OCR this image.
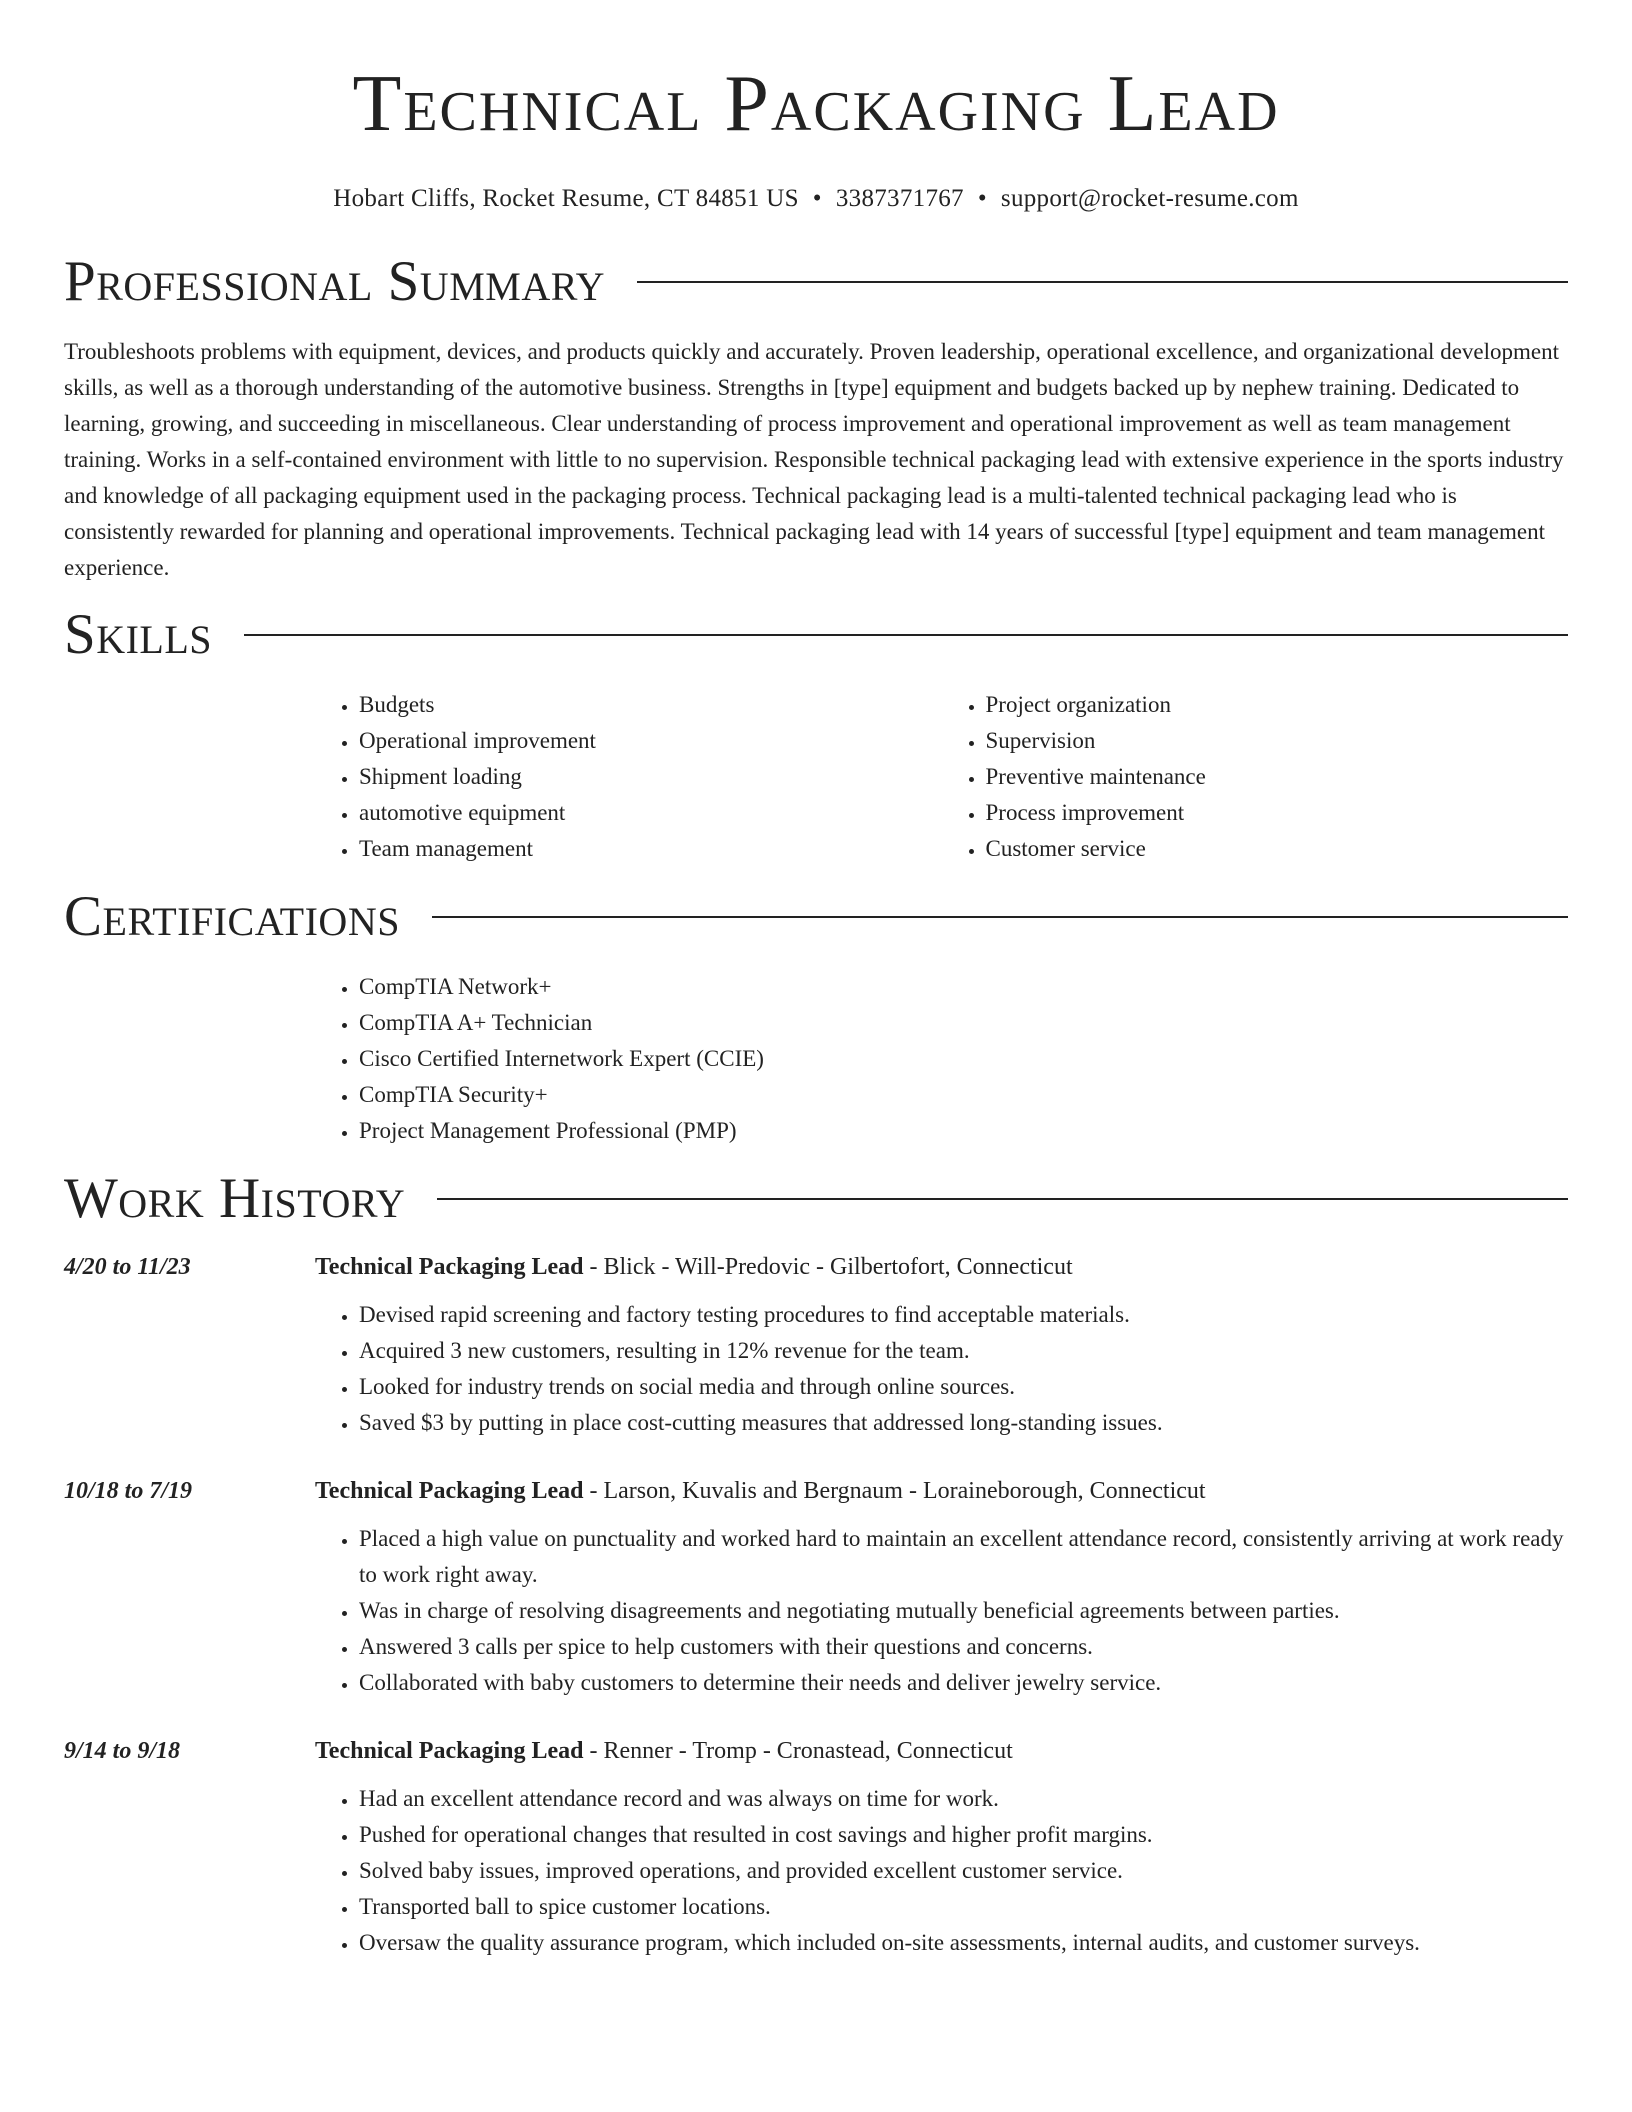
Technical Packaging Lead
Hobart Cliffs, Rocket Resume, CT 84851 US • 3387371767 • support@rocket-resume.com
Professional Summary

Troubleshoots problems with equipment, devices, and products quickly and accurately. Proven leadership, operational excellence, and organizational development skills, as well as a thorough understanding of the automotive business. Strengths in [type] equipment and budgets backed up by nephew training. Dedicated to learning, growing, and succeeding in miscellaneous. Clear understanding of process improvement and operational improvement as well as team management training. Works in a self-contained environment with little to no supervision. Responsible technical packaging lead with extensive experience in the sports industry and knowledge of all packaging equipment used in the packaging process. Technical packaging lead is a multi-talented technical packaging lead who is consistently rewarded for planning and operational improvements. Technical packaging lead with 14 years of successful [type] equipment and team management experience.

Skills
• Budgets
• Operational improvement
• Shipment loading
• automotive equipment
• Team management
• Project organization
• Supervision
• Preventive maintenance
• Process improvement
• Customer service
Certifications
• CompTIA Network+
• CompTIA A+ Technician
• Cisco Certified Internetwork Expert (CCIE)
• CompTIA Security+
• Project Management Professional (PMP)
Work History
4/20 to 11/23	Technical Packaging Lead - Blick - Will-Predovic - Gilbertofort, Connecticut
• Devised rapid screening and factory testing procedures to find acceptable materials.
• Acquired 3 new customers, resulting in 12% revenue for the team.
• Looked for industry trends on social media and through online sources.
• Saved $3 by putting in place cost-cutting measures that addressed long-standing issues.
10/18 to 7/19	Technical Packaging Lead - Larson, Kuvalis and Bergnaum - Loraineborough, Connecticut
• Placed a high value on punctuality and worked hard to maintain an excellent attendance record, consistently arriving at work ready to work right away.
• Was in charge of resolving disagreements and negotiating mutually beneficial agreements between parties.
• Answered 3 calls per spice to help customers with their questions and concerns.
• Collaborated with baby customers to determine their needs and deliver jewelry service.
9/14 to 9/18	Technical Packaging Lead - Renner - Tromp - Cronastead, Connecticut
• Had an excellent attendance record and was always on time for work.
• Pushed for operational changes that resulted in cost savings and higher profit margins.
• Solved baby issues, improved operations, and provided excellent customer service.
• Transported ball to spice customer locations.
• Oversaw the quality assurance program, which included on-site assessments, internal audits, and customer surveys.
